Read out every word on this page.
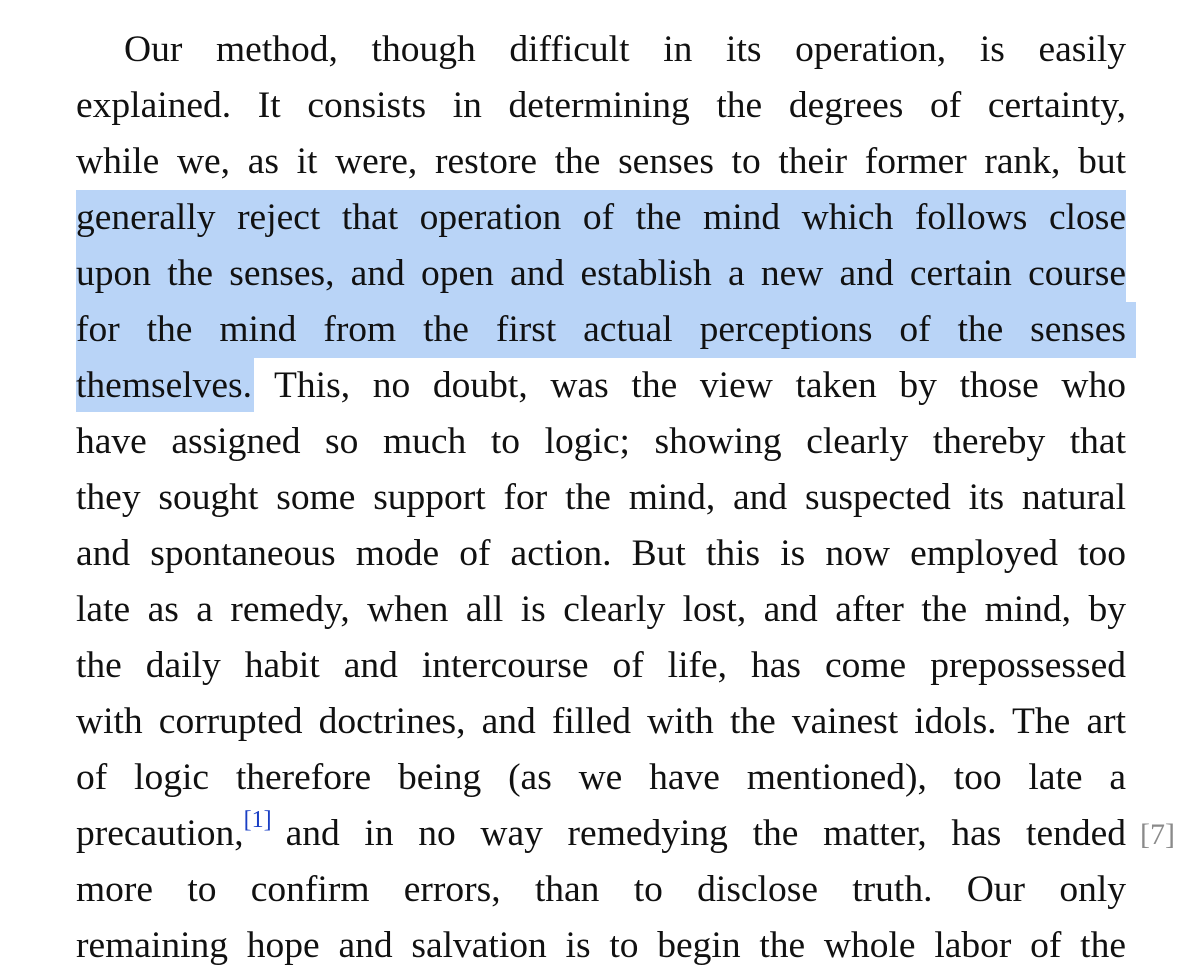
Our method, though difficult in its operation, is easily
explained. It consists in determining the degrees of certainty,
while we, as it were, restore the senses to their former rank, but
generally reject that operation of the mind which follows close
upon the senses, and open and establish a new and certain course
for the mind from the first actual perceptions of the senses
themselves . This, no doubt, was the view taken by those who
have assigned so much to logic; showing clearly thereby that
they sought some support for the mind, and suspected its natural
and spontaneous mode of action. But this is now employed too
late as a remedy, when all is clearly lost, and after the mind, by
the daily habit and intercourse of life, has come prepossessed
with corrupted doctrines, and filled with the vainest idols. The art
of logic therefore being (as we have mentioned), too late a
precaution, [1] and in no way remedying the matter, has tended [7]
more to confirm errors, than to disclose truth. Our only
remaining hope and salvation is to begin the whole labor of the
